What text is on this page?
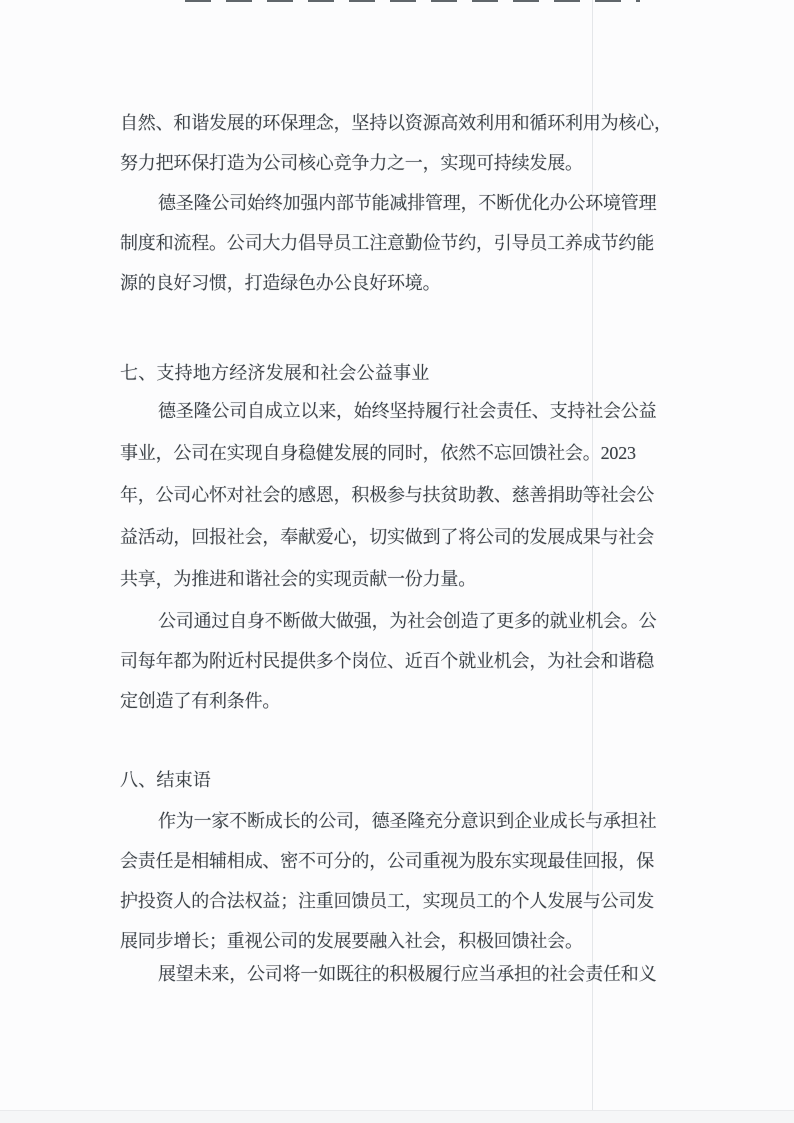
自然、和谐发展的环保理念，坚持以资源高效利用和循环利用为核心，
努力把环保打造为公司核心竞争力之一，实现可持续发展。
德圣隆公司始终加强内部节能减排管理，不断优化办公环境管理
制度和流程。公司大力倡导员工注意勤俭节约，引导员工养成节约能
源的良好习惯，打造绿色办公良好环境。
七、支持地方经济发展和社会公益事业
德圣隆公司自成立以来，始终坚持履行社会责任、支持社会公益
事业，公司在实现自身稳健发展的同时，依然不忘回馈社会。2023
年，公司心怀对社会的感恩，积极参与扶贫助教、慈善捐助等社会公
益活动，回报社会，奉献爱心，切实做到了将公司的发展成果与社会
共享，为推进和谐社会的实现贡献一份力量。
公司通过自身不断做大做强，为社会创造了更多的就业机会。公
司每年都为附近村民提供多个岗位、近百个就业机会，为社会和谐稳
定创造了有利条件。
八、结束语
作为一家不断成长的公司，德圣隆充分意识到企业成长与承担社
会责任是相辅相成、密不可分的，公司重视为股东实现最佳回报，保
护投资人的合法权益；注重回馈员工，实现员工的个人发展与公司发
展同步增长；重视公司的发展要融入社会，积极回馈社会。
展望未来，公司将一如既往的积极履行应当承担的社会责任和义
